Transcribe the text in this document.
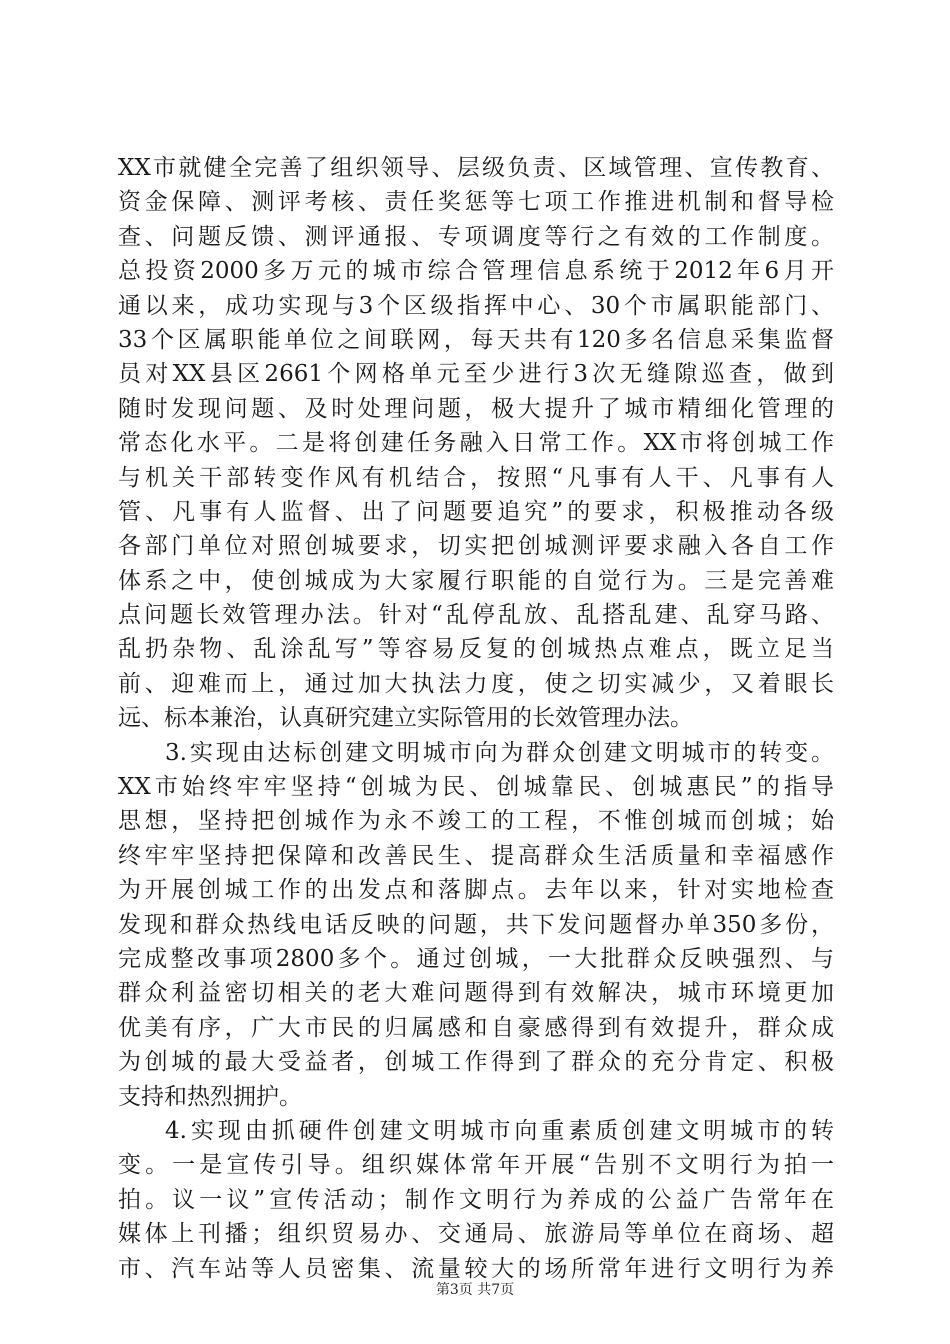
XX市就健全完善了组织领导、层级负责、区域管理、宣传教育、
资金保障、测评考核、责任奖惩等七项工作推进机制和督导检
查、问题反馈、测评通报、专项调度等行之有效的工作制度。
总投资2000多万元的城市综合管理信息系统于2012年6月开
通以来，成功实现与3个区级指挥中心、30个市属职能部门、
33个区属职能单位之间联网，每天共有120多名信息采集监督
员对XX县区2661个网格单元至少进行3次无缝隙巡查，做到
随时发现问题、及时处理问题，极大提升了城市精细化管理的
常态化水平。二是将创建任务融入日常工作。XX市将创城工作
与机关干部转变作风有机结合，按照“凡事有人干、凡事有人
管、凡事有人监督、出了问题要追究”的要求，积极推动各级
各部门单位对照创城要求，切实把创城测评要求融入各自工作
体系之中，使创城成为大家履行职能的自觉行为。三是完善难
点问题长效管理办法。针对“乱停乱放、乱搭乱建、乱穿马路、
乱扔杂物、乱涂乱写”等容易反复的创城热点难点，既立足当
前、迎难而上，通过加大执法力度，使之切实减少，又着眼长
远、标本兼治，认真研究建立实际管用的长效管理办法。
3.实现由达标创建文明城市向为群众创建文明城市的转变。
XX市始终牢牢坚持“创城为民、创城靠民、创城惠民”的指导
思想，坚持把创城作为永不竣工的工程，不惟创城而创城；始
终牢牢坚持把保障和改善民生、提高群众生活质量和幸福感作
为开展创城工作的出发点和落脚点。去年以来，针对实地检查
发现和群众热线电话反映的问题，共下发问题督办单350多份，
完成整改事项2800多个。通过创城，一大批群众反映强烈、与
群众利益密切相关的老大难问题得到有效解决，城市环境更加
优美有序，广大市民的归属感和自豪感得到有效提升，群众成
为创城的最大受益者，创城工作得到了群众的充分肯定、积极
支持和热烈拥护。
4.实现由抓硬件创建文明城市向重素质创建文明城市的转
变。一是宣传引导。组织媒体常年开展“告别不文明行为拍一
拍。议一议”宣传活动；制作文明行为养成的公益广告常年在
媒体上刊播；组织贸易办、交通局、旅游局等单位在商场、超
市、汽车站等人员密集、流量较大的场所常年进行文明行为养
第3页 共7页
